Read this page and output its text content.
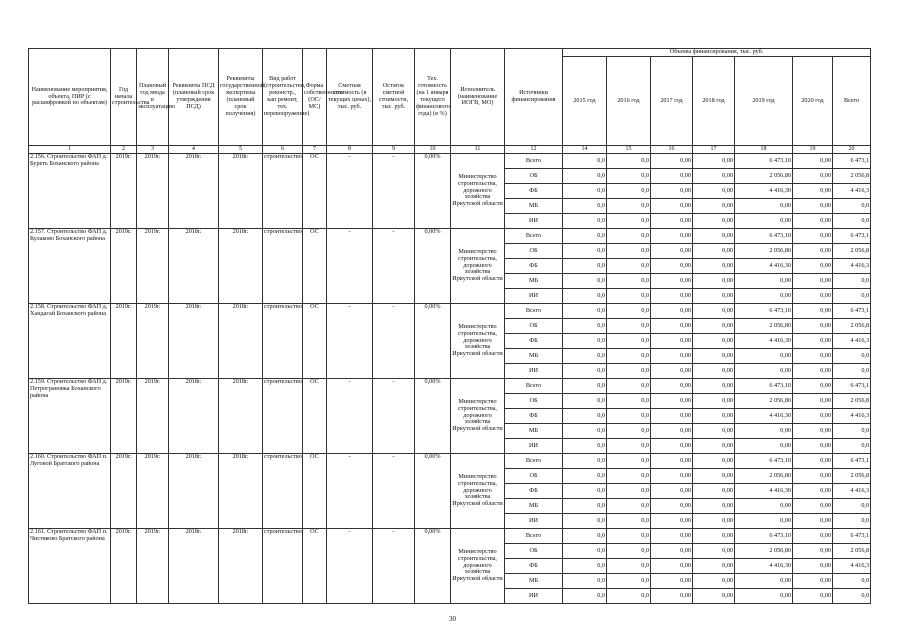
Наименование мероприятия, объекта, ПИР (с расшифровкой по объектам)	Год начала строительства	Плановый год ввода в эксплуатацию	Реквизиты ПСД (плановый срок утверждения ПСД)	Реквизиты государственной экспертизы (плановый срок получения)	Вид работ (строительство, реконстр., кап ремонт, тех. перевооружение)	Форма собственности (ОС/МС)	Сметная стоимость (в текущих ценах), тыс. руб.	Остаток сметной стоимости, тыс. руб.	Тех. готовность (на 1 января текущего финансового года) (в %)	Исполнитель (наименование ИОГВ, МО)	Источники финансирования	Объемы финансирования, тыс. руб.						
												2015 год	2016 год	2017 год	2018 год	2019 год	2020 год	Всего
1	2	3	4	5	6	7	8	9	10	11	12	14	15	16	17	18	19	20
2.156. Строительство ФАП д. Буреть Боханского района	2019г.	2019г.	2018г.	2018г.	строительство	ОС	-	-	0,00%	Министерство строительства, дорожного хозяйства Иркутской области	Всего	0,0	0,0	0,00	0,00	6 473,10	0,00	6 473,1
											ОБ	0,0	0,0	0,00	0,00	2 056,80	0,00	2 056,8
											ФБ	0,0	0,0	0,00	0,00	4 416,30	0,00	4 416,3
											МБ	0,0	0,0	0,00	0,00	0,00	0,00	0,0
											ИИ	0,0	0,0	0,00	0,00	0,00	0,00	0,0
2.157. Строительство ФАП д. Кулаково Боханского района	2019г.	2019г.	2018г.	2018г.	строительство	ОС	-	-	0,00%	Министерство строительства, дорожного хозяйства Иркутской области	Всего	0,0	0,0	0,00	0,00	6 473,10	0,00	6 473,1
											ОБ	0,0	0,0	0,00	0,00	2 056,80	0,00	2 056,8
											ФБ	0,0	0,0	0,00	0,00	4 416,30	0,00	4 416,3
											МБ	0,0	0,0	0,00	0,00	0,00	0,00	0,0
											ИИ	0,0	0,0	0,00	0,00	0,00	0,00	0,0
2.158. Строительство ФАП д. Хандагай Боханского района	2019г.	2019г.	2018г.	2018г.	строительство	ОС	-	-	0,00%	Министерство строительства, дорожного хозяйства Иркутской области	Всего	0,0	0,0	0,00	0,00	6 473,10	0,00	6 473,1
											ОБ	0,0	0,0	0,00	0,00	2 056,80	0,00	2 056,8
											ФБ	0,0	0,0	0,00	0,00	4 416,30	0,00	4 416,3
											МБ	0,0	0,0	0,00	0,00	0,00	0,00	0,0
											ИИ	0,0	0,0	0,00	0,00	0,00	0,00	0,0
2.159. Строительство ФАП д. Петрограновка Боханского района	2019г.	2019г.	2018г.	2018г.	строительство	ОС	-	-	0,00%	Министерство строительства, дорожного хозяйства Иркутской области	Всего	0,0	0,0	0,00	0,00	6 473,10	0,00	6 473,1
											ОБ	0,0	0,0	0,00	0,00	2 056,80	0,00	2 056,8
											ФБ	0,0	0,0	0,00	0,00	4 416,30	0,00	4 416,3
											МБ	0,0	0,0	0,00	0,00	0,00	0,00	0,0
											ИИ	0,0	0,0	0,00	0,00	0,00	0,00	0,0
2.160. Строительство ФАП п. Луговой Братского района	2019г.	2019г.	2018г.	2018г.	строительство	ОС	-	-	0,00%	Министерство строительства, дорожного хозяйства Иркутской области	Всего	0,0	0,0	0,00	0,00	6 473,10	0,00	6 473,1
											ОБ	0,0	0,0	0,00	0,00	2 056,80	0,00	2 056,8
											ФБ	0,0	0,0	0,00	0,00	4 416,30	0,00	4 416,3
											МБ	0,0	0,0	0,00	0,00	0,00	0,00	0,0
											ИИ	0,0	0,0	0,00	0,00	0,00	0,00	0,0
2.161. Строительство ФАП п. Чистяково Братского района	2019г.	2019г.	2018г.	2018г.	строительство	ОС	-	-	0,00%	Министерство строительства, дорожного хозяйства Иркутской области	Всего	0,0	0,0	0,00	0,00	6 473,10	0,00	6 473,1
											ОБ	0,0	0,0	0,00	0,00	2 056,80	0,00	2 056,8
											ФБ	0,0	0,0	0,00	0,00	4 416,30	0,00	4 416,3
											МБ	0,0	0,0	0,00	0,00	0,00	0,00	0,0
											ИИ	0,0	0,0	0,00	0,00	0,00	0,00	0,0
30
